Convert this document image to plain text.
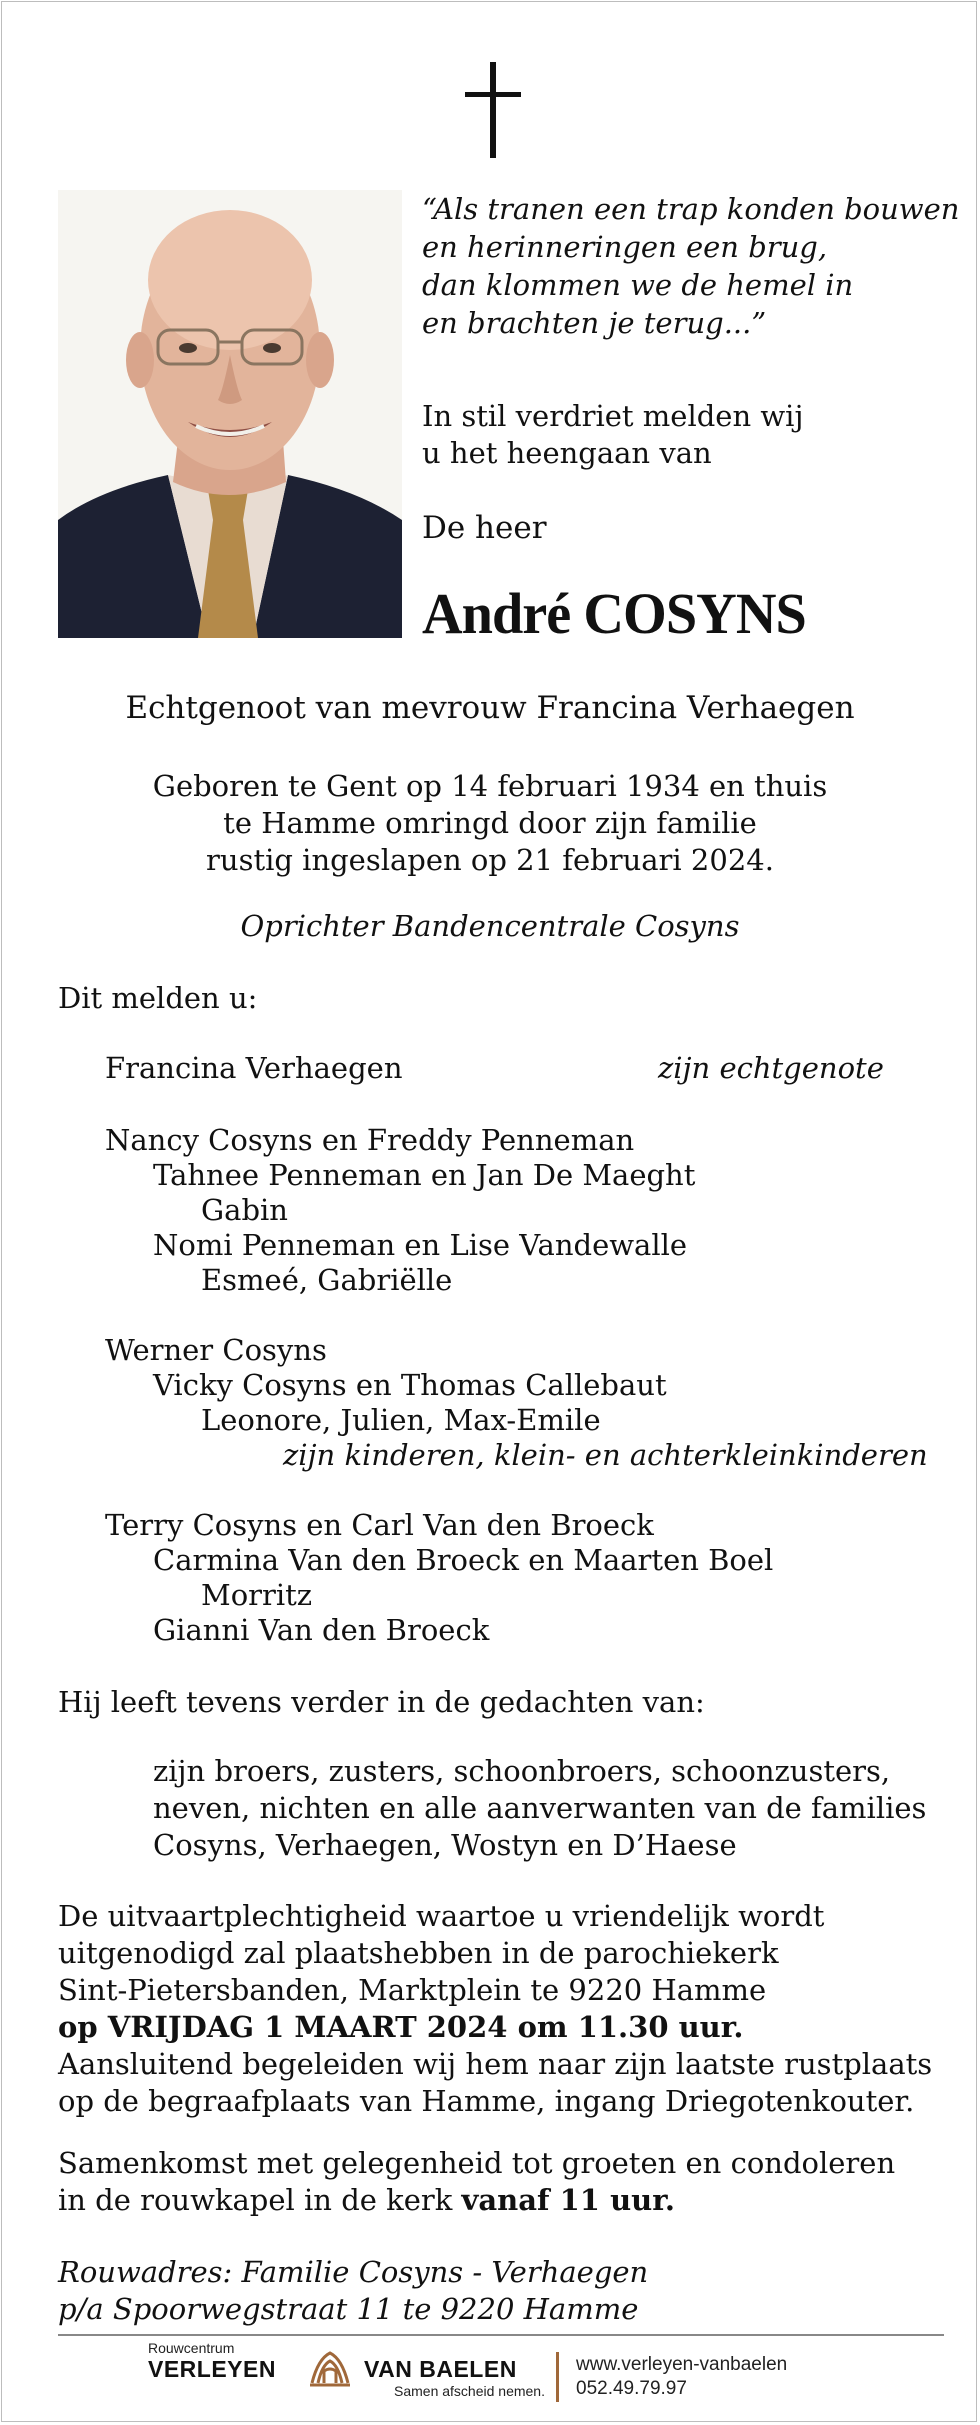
“Als tranen een trap konden bouwen
en herinneringen een brug,
dan klommen we de hemel in
en brachten je terug...”
In stil verdriet melden wij
u het heengaan van
De heer
André COSYNS
Echtgenoot van mevrouw Francina Verhaegen
Geboren te Gent op 14 februari 1934 en thuis
te Hamme omringd door zijn familie
rustig ingeslapen op 21 februari 2024.
Oprichter Bandencentrale Cosyns
Dit melden u:
Francina Verhaegen	zijn echtgenote
Nancy Cosyns en Freddy Penneman
Tahnee Penneman en Jan De Maeght
Gabin
Nomi Penneman en Lise Vandewalle
Esmeé, Gabriëlle
Werner Cosyns
Vicky Cosyns en Thomas Callebaut
Leonore, Julien, Max-Emile
zijn kinderen, klein- en achterkleinkinderen
Terry Cosyns en Carl Van den Broeck
Carmina Van den Broeck en Maarten Boel
Morritz
Gianni Van den Broeck
Hij leeft tevens verder in de gedachten van:
zijn broers, zusters, schoonbroers, schoonzusters,
neven, nichten en alle aanverwanten van de families
Cosyns, Verhaegen, Wostyn en D’Haese
De uitvaartplechtigheid waartoe u vriendelijk wordt
uitgenodigd zal plaatshebben in de parochiekerk
Sint-Pietersbanden, Marktplein te 9220 Hamme
op VRIJDAG 1 MAART 2024 om 11.30 uur.
Aansluitend begeleiden wij hem naar zijn laatste rustplaats
op de begraafplaats van Hamme, ingang Driegotenkouter.
Samenkomst met gelegenheid tot groeten en condoleren
in de rouwkapel in de kerk vanaf 11 uur.
Rouwadres: Familie Cosyns - Verhaegen
p/a Spoorwegstraat 11 te 9220 Hamme
Rouwcentrum
VERLEYEN	VAN BAELEN
Samen afscheid nemen.
www.verleyen-vanbaelen
052.49.79.97
